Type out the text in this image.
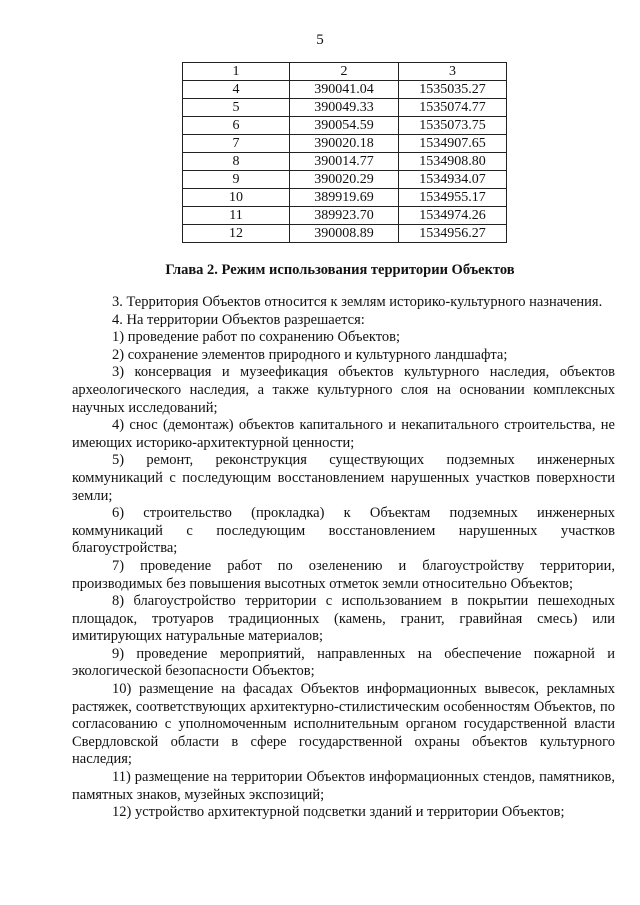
5
1	2	3
4	390041.04	1535035.27
5	390049.33	1535074.77
6	390054.59	1535073.75
7	390020.18	1534907.65
8	390014.77	1534908.80
9	390020.29	1534934.07
10	389919.69	1534955.17
11	389923.70	1534974.26
12	390008.89	1534956.27
Глава 2. Режим использования территории Объектов

3. Территория Объектов относится к землям историко-культурного назначения.

4. На территории Объектов разрешается:

1) проведение работ по сохранению Объектов;

2) сохранение элементов природного и культурного ландшафта;

3) консервация и музеефикация объектов культурного наследия, объектов археологического наследия, а также культурного слоя на основании комплексных научных исследований;

4) снос (демонтаж) объектов капитального и некапитального строительства, не имеющих историко-архитектурной ценности;

5) ремонт, реконструкция существующих подземных инженерных коммуникаций с последующим восстановлением нарушенных участков поверхности земли;

6) строительство (прокладка) к Объектам подземных инженерных коммуникаций с последующим восстановлением нарушенных участков благоустройства;

7) проведение работ по озеленению и благоустройству территории, производимых без повышения высотных отметок земли относительно Объектов;

8) благоустройство территории с использованием в покрытии пешеходных площадок, тротуаров традиционных (камень, гранит, гравийная смесь) или имитирующих натуральные материалов;

9) проведение мероприятий, направленных на обеспечение пожарной и экологической безопасности Объектов;

10) размещение на фасадах Объектов информационных вывесок, рекламных растяжек, соответствующих архитектурно-стилистическим особенностям Объектов, по согласованию с уполномоченным исполнительным органом государственной власти Свердловской области в сфере государственной охраны объектов культурного наследия;

11) размещение на территории Объектов информационных стендов, памятников, памятных знаков, музейных экспозиций;

12) устройство архитектурной подсветки зданий и территории Объектов;
